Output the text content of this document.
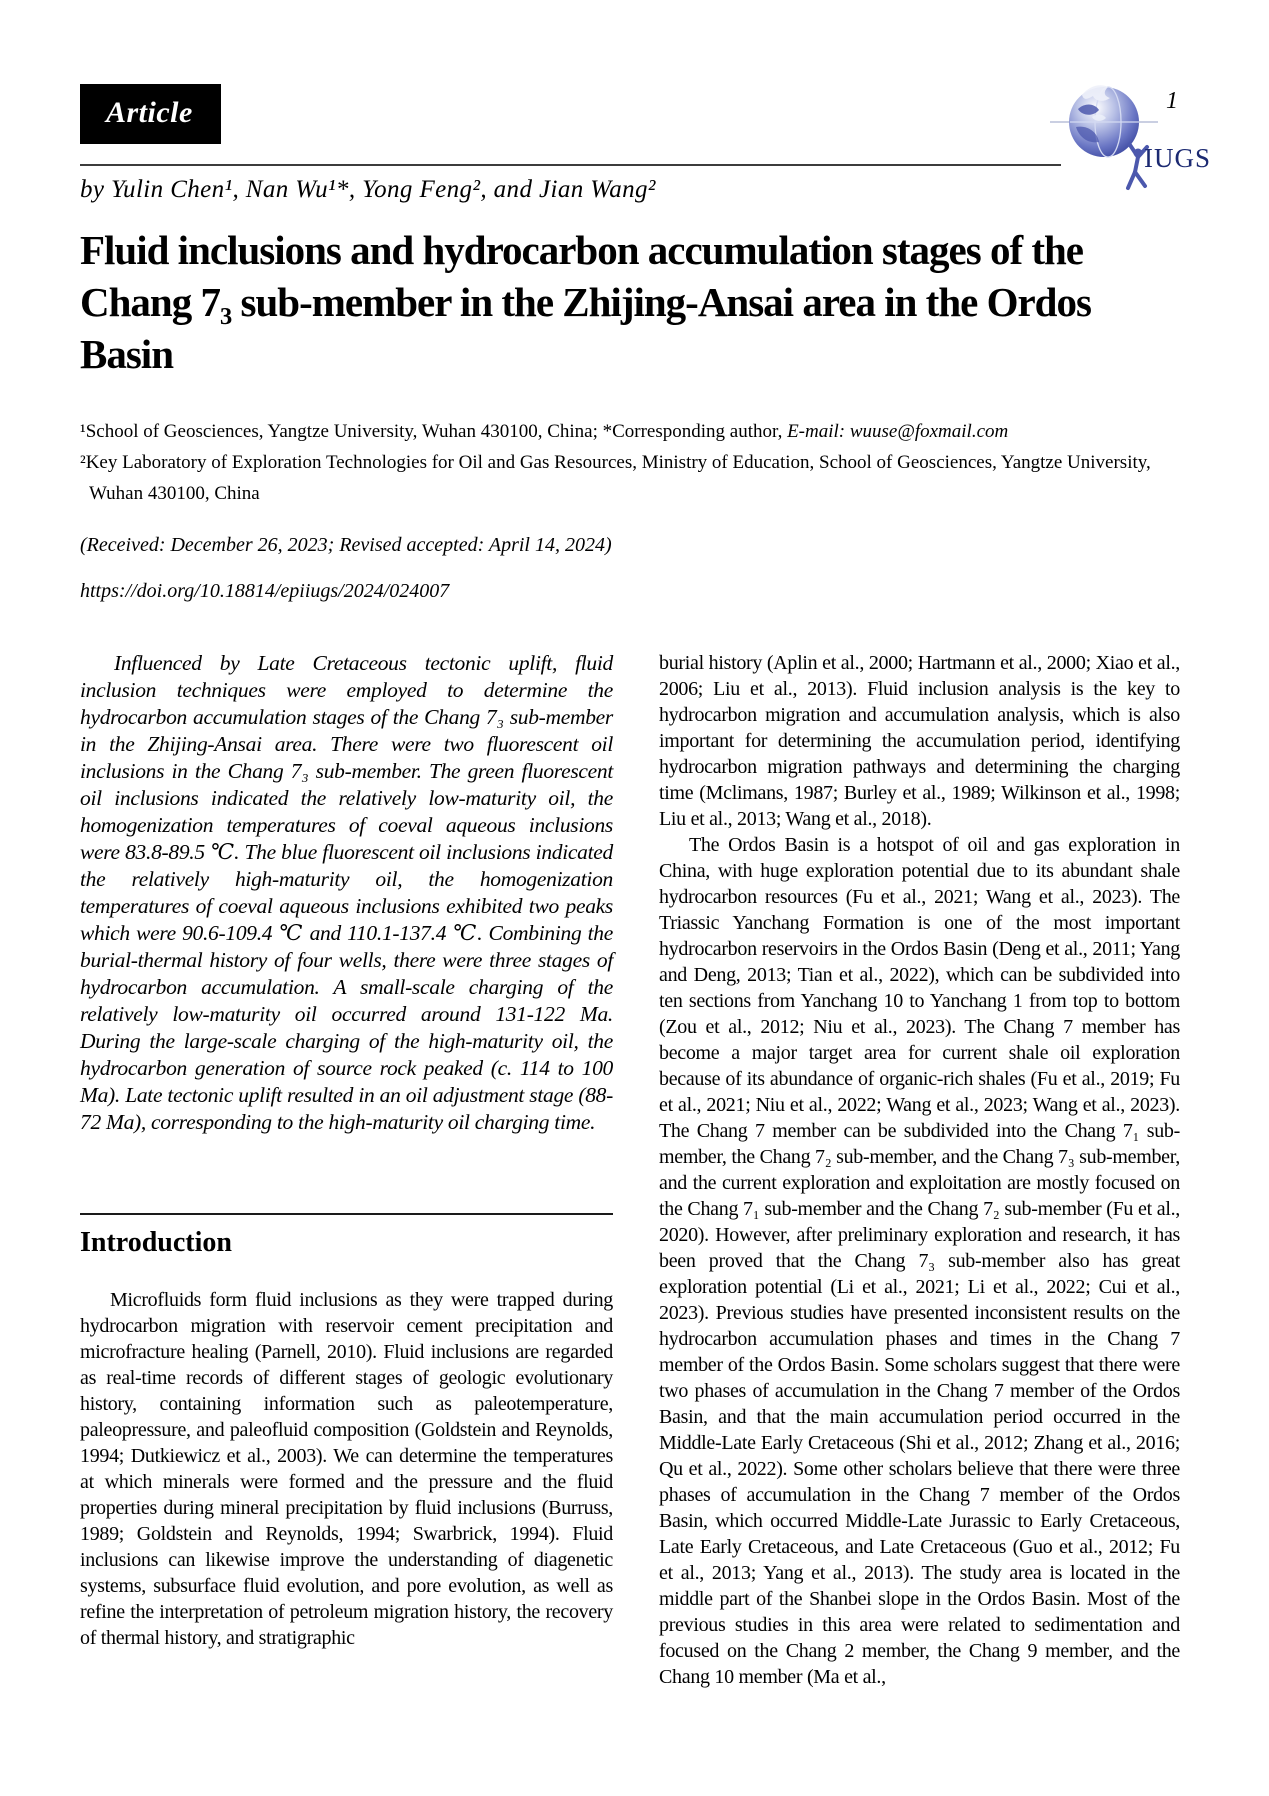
Article	1
IUGS
by Yulin Chen¹, Nan Wu¹*, Yong Feng², and Jian Wang²
Fluid inclusions and hydrocarbon accumulation stages of the Chang 7₃ sub-member in the Zhijing-Ansai area in the Ordos Basin
¹School of Geosciences, Yangtze University, Wuhan 430100, China; *Corresponding author, E-mail: wuuse@foxmail.com
²Key Laboratory of Exploration Technologies for Oil and Gas Resources, Ministry of Education, School of Geosciences, Yangtze University,
Wuhan 430100, China
(Received: December 26, 2023; Revised accepted: April 14, 2024)
https://doi.org/10.18814/epiiugs/2024/024007
Influenced by Late Cretaceous tectonic uplift, fluid inclusion techniques were employed to determine the hydrocarbon accumulation stages of the Chang 7₃ sub-member in the Zhijing-Ansai area. There were two fluorescent oil inclusions in the Chang 7₃ sub-member. The green fluorescent oil inclusions indicated the relatively low-maturity oil, the homogenization temperatures of coeval aqueous inclusions were 83.8-89.5 ℃. The blue fluorescent oil inclusions indicated the relatively high-maturity oil, the homogenization temperatures of coeval aqueous inclusions exhibited two peaks which were 90.6-109.4 ℃ and 110.1-137.4 ℃. Combining the burial-thermal history of four wells, there were three stages of hydrocarbon accumulation. A small-scale charging of the relatively low-maturity oil occurred around 131-122 Ma. During the large-scale charging of the high-maturity oil, the hydrocarbon generation of source rock peaked (c. 114 to 100 Ma). Late tectonic uplift resulted in an oil adjustment stage (88-72 Ma), corresponding to the high-maturity oil charging time.
Introduction
Microfluids form fluid inclusions as they were trapped during hydrocarbon migration with reservoir cement precipitation and microfracture healing (Parnell, 2010). Fluid inclusions are regarded as real-time records of different stages of geologic evolutionary history, containing information such as paleotemperature, paleopressure, and paleofluid composition (Goldstein and Reynolds, 1994; Dutkiewicz et al., 2003). We can determine the temperatures at which minerals were formed and the pressure and the fluid properties during mineral precipitation by fluid inclusions (Burruss, 1989; Goldstein and Reynolds, 1994; Swarbrick, 1994). Fluid inclusions can likewise improve the understanding of diagenetic systems, subsurface fluid evolution, and pore evolution, as well as refine the interpretation of petroleum migration history, the recovery of thermal history, and stratigraphic

burial history (Aplin et al., 2000; Hartmann et al., 2000; Xiao et al., 2006; Liu et al., 2013). Fluid inclusion analysis is the key to hydrocarbon migration and accumulation analysis, which is also important for determining the accumulation period, identifying hydrocarbon migration pathways and determining the charging time (Mclimans, 1987; Burley et al., 1989; Wilkinson et al., 1998; Liu et al., 2013; Wang et al., 2018).

The Ordos Basin is a hotspot of oil and gas exploration in China, with huge exploration potential due to its abundant shale hydrocarbon resources (Fu et al., 2021; Wang et al., 2023). The Triassic Yanchang Formation is one of the most important hydrocarbon reservoirs in the Ordos Basin (Deng et al., 2011; Yang and Deng, 2013; Tian et al., 2022), which can be subdivided into ten sections from Yanchang 10 to Yanchang 1 from top to bottom (Zou et al., 2012; Niu et al., 2023). The Chang 7 member has become a major target area for current shale oil exploration because of its abundance of organic-rich shales (Fu et al., 2019; Fu et al., 2021; Niu et al., 2022; Wang et al., 2023; Wang et al., 2023). The Chang 7 member can be subdivided into the Chang 7₁ sub-member, the Chang 7₂ sub-member, and the Chang 7₃ sub-member, and the current exploration and exploitation are mostly focused on the Chang 7₁ sub-member and the Chang 7₂ sub-member (Fu et al., 2020). However, after preliminary exploration and research, it has been proved that the Chang 7₃ sub-member also has great exploration potential (Li et al., 2021; Li et al., 2022; Cui et al., 2023). Previous studies have presented inconsistent results on the hydrocarbon accumulation phases and times in the Chang 7 member of the Ordos Basin. Some scholars suggest that there were two phases of accumulation in the Chang 7 member of the Ordos Basin, and that the main accumulation period occurred in the Middle-Late Early Cretaceous (Shi et al., 2012; Zhang et al., 2016; Qu et al., 2022). Some other scholars believe that there were three phases of accumulation in the Chang 7 member of the Ordos Basin, which occurred Middle-Late Jurassic to Early Cretaceous, Late Early Cretaceous, and Late Cretaceous (Guo et al., 2012; Fu et al., 2013; Yang et al., 2013). The study area is located in the middle part of the Shanbei slope in the Ordos Basin. Most of the previous studies in this area were related to sedimentation and focused on the Chang 2 member, the Chang 9 member, and the Chang 10 member (Ma et al.,
